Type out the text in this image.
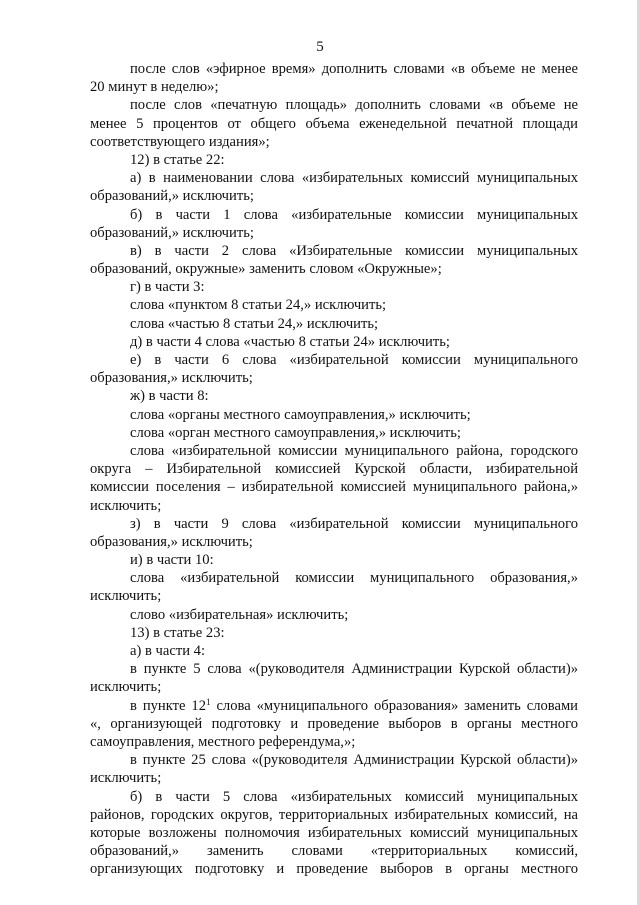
5
после слов «эфирное время» дополнить словами «в объеме не менее
20 минут в неделю»;
после слов «печатную площадь» дополнить словами «в объеме не
менее 5 процентов от общего объема еженедельной печатной площади
соответствующего издания»;
12) в статье 22:
а) в наименовании слова «избирательных комиссий муниципальных
образований,» исключить;
б) в части 1 слова «избирательные комиссии муниципальных
образований,» исключить;
в) в части 2 слова «Избирательные комиссии муниципальных
образований, окружные» заменить словом «Окружные»;
г) в части 3:
слова «пунктом 8 статьи 24,» исключить;
слова «частью 8 статьи 24,» исключить;
д) в части 4 слова «частью 8 статьи 24» исключить;
е) в части 6 слова «избирательной комиссии муниципального
образования,» исключить;
ж) в части 8:
слова «органы местного самоуправления,» исключить;
слова «орган местного самоуправления,» исключить;
слова «избирательной комиссии муниципального района, городского
округа – Избирательной комиссией Курской области, избирательной
комиссии поселения – избирательной комиссией муниципального района,»
исключить;
з) в части 9 слова «избирательной комиссии муниципального
образования,» исключить;
и) в части 10:
слова «избирательной комиссии муниципального образования,»
исключить;
слово «избирательная» исключить;
13) в статье 23:
а) в части 4:
в пункте 5 слова «(руководителя Администрации Курской области)»
исключить;
в пункте $12^1$ слова «муниципального образования» заменить словами
«, организующей подготовку и проведение выборов в органы местного
самоуправления, местного референдума,»;
в пункте 25 слова «(руководителя Администрации Курской области)»
исключить;
б) в части 5 слова «избирательных комиссий муниципальных
районов, городских округов, территориальных избирательных комиссий, на
которые возложены полномочия избирательных комиссий муниципальных
образований,» заменить словами «территориальных комиссий,
организующих подготовку и проведение выборов в органы местного
